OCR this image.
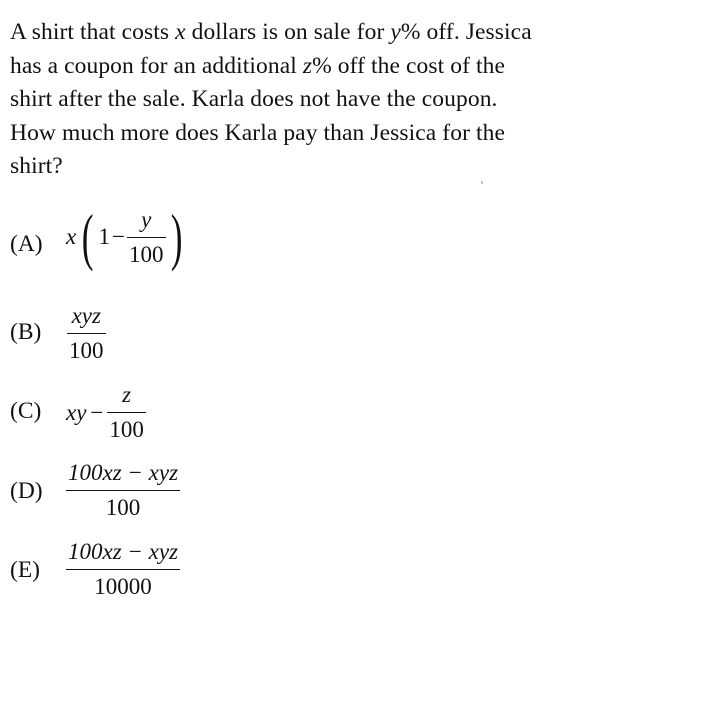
A shirt that costs x dollars is on sale for y% off. Jessica
has a coupon for an additional z% off the cost of the
shirt after the sale. Karla does not have the coupon.
How much more does Karla pay than Jessica for the
shirt?
(A) x( $1- \frac{y}{100}$ )
$(B) \frac{\text{xyz}}{100}$
(C) xy − $\frac{z}{100}$
$(D) \frac{\text{100xz − xyz}}{100}$
$(E) \frac{\text{100xz − xyz}}{10000}$
